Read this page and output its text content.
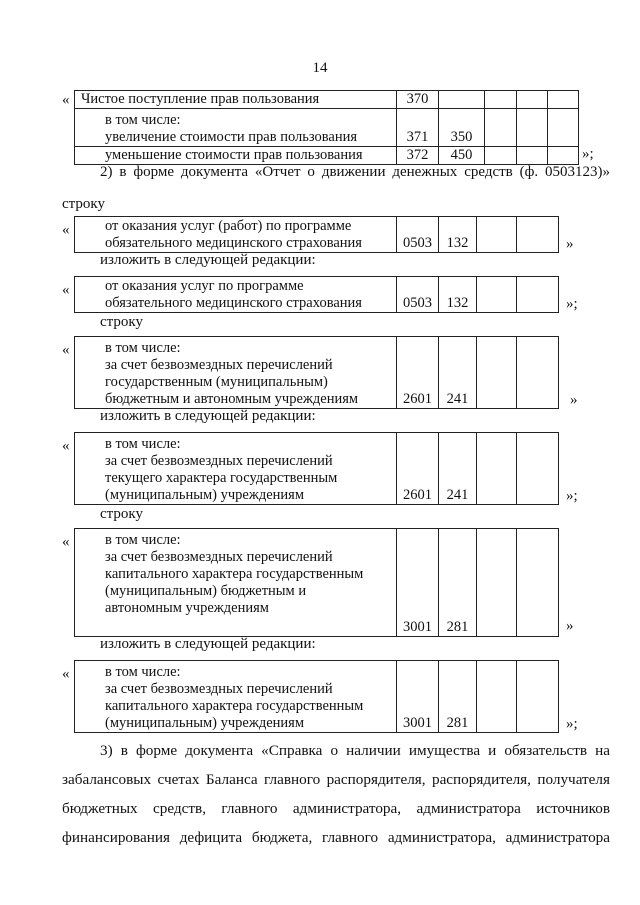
14
« Чистое поступление прав пользования	370				

в том числе:
увеличение стоимости прав пользования	371	350			
уменьшение стоимости прав пользования	372	450				»;
2) в форме документа «Отчет о движении денежных средств (ф. 0503123)»
строку
« от оказания услуг (работ) по программе
обязательного медицинского страхования	0503	132			»
изложить в следующей редакции:
« от оказания услуг по программе
обязательного медицинского страхования	0503	132			»;
строку
« в том числе:
за счет безвозмездных перечислений
государственным (муниципальным)
бюджетным и автономным учреждениям	2601	241			»
изложить в следующей редакции:
« в том числе:
за счет безвозмездных перечислений
текущего характера государственным
(муниципальным) учреждениям	2601	241			»;
строку
« в том числе:
за счет безвозмездных перечислений
капитального характера государственным
(муниципальным) бюджетным и
автономным учреждениям
	3001	281			»
изложить в следующей редакции:
« в том числе:
за счет безвозмездных перечислений
капитального характера государственным
(муниципальным) учреждениям	3001	281			»;
3) в форме документа «Справка о наличии имущества и обязательств на
забалансовых счетах Баланса главного распорядителя, распорядителя, получателя
бюджетных средств, главного администратора, администратора источников
финансирования дефицита бюджета, главного администратора, администратора
